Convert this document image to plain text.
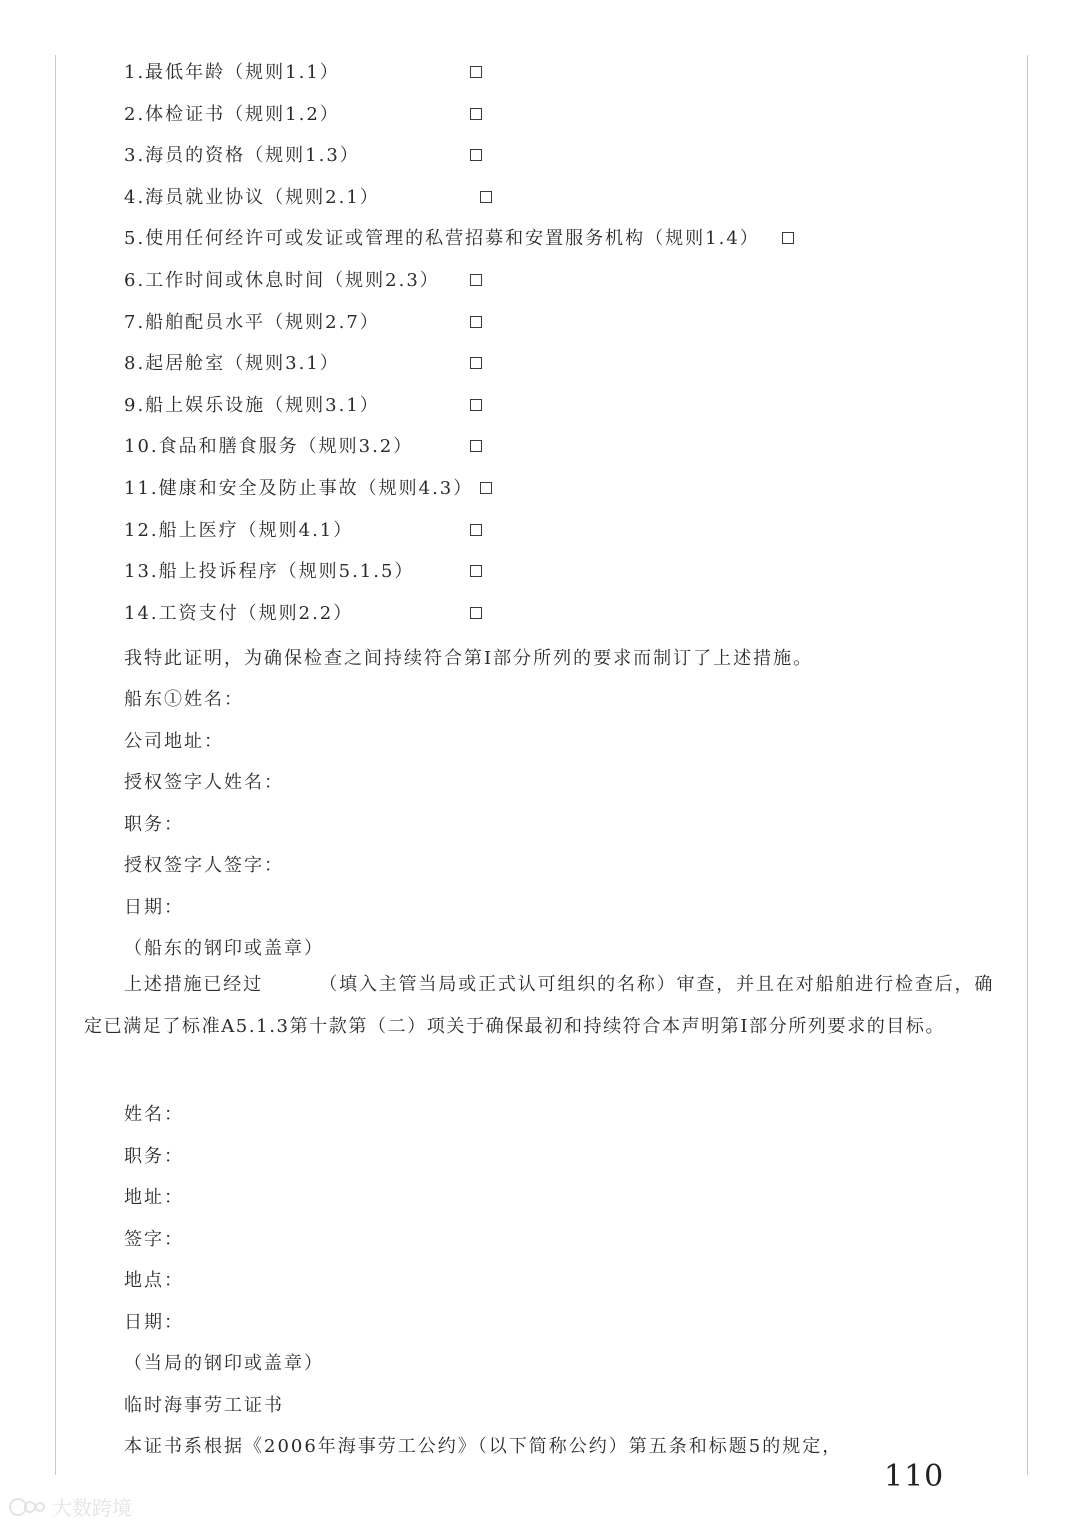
1.最低年龄（规则1.1）
2.体检证书（规则1.2）
3.海员的资格（规则1.3）
4.海员就业协议（规则2.1）
5.使用任何经许可或发证或管理的私营招募和安置服务机构（规则1.4）
6.工作时间或休息时间（规则2.3）
7.船舶配员水平（规则2.7）
8.起居舱室（规则3.1）
9.船上娱乐设施（规则3.1）
10.食品和膳食服务（规则3.2）
11.健康和安全及防止事故（规则4.3）
12.船上医疗（规则4.1）
13.船上投诉程序（规则5.1.5）
14.工资支付（规则2.2）
我特此证明，为确保检查之间持续符合第Ⅰ部分所列的要求而制订了上述措施。
船东①姓名：
公司地址：
授权签字人姓名：
职务：
授权签字人签字：
日期：
（船东的钢印或盖章）
上述措施已经过	（填入主管当局或正式认可组织的名称）审查，并且在对船舶进行检查后，确定已满足了标准A5.1.3第十款第（二）项关于确保最初和持续符合本声明第Ⅰ部分所列要求的目标。
姓名：
职务：
地址：
签字：
地点：
日期：
（当局的钢印或盖章）
临时海事劳工证书
本证书系根据《2006年海事劳工公约》（以下简称公约）第五条和标题5的规定，
110
大数跨境
